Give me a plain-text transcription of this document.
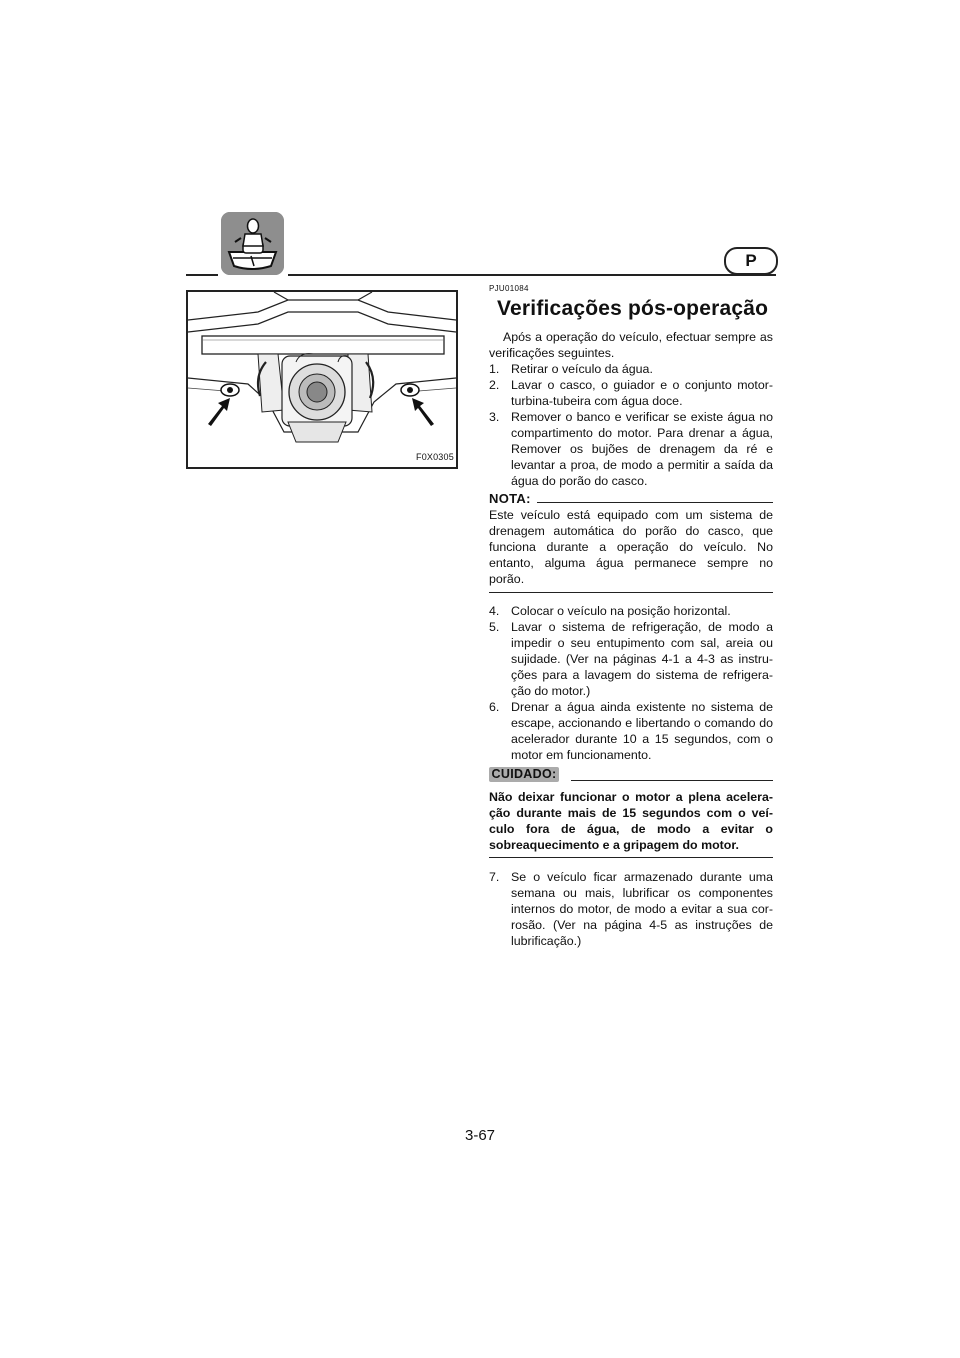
P
F0X0305
PJU01084
Verificações pós-operação
Após a operação do veículo, efectuar sempre as verificações seguintes.
1. Retirar o veículo da água.
2. Lavar o casco, o guiador e o conjunto motor-turbina-tubeira com água doce.
3. Remover o banco e verificar se existe água no compartimento do motor. Para drenar a água, Remover os bujões de drenagem da ré e levantar a proa, de modo a permitir a saída da água do porão do casco.
NOTA:
Este veículo está equipado com um sistema de drenagem automática do porão do casco, que funciona durante a operação do veículo. No entanto, alguma água permanece sempre no porão.
4. Colocar o veículo na posição horizontal.
5. Lavar o sistema de refrigeração, de modo a impedir o seu entupimento com sal, areia ou sujidade. (Ver na páginas 4-1 a 4-3 as instru-ções para a lavagem do sistema de refrigera-ção do motor.)
6. Drenar a água ainda existente no sistema de escape, accionando e libertando o comando do acelerador durante 10 a 15 segundos, com o motor em funcionamento.
CUIDADO:
Não deixar funcionar o motor a plena acelera-ção durante mais de 15 segundos com o veí-culo fora de água, de modo a evitar o sobreaquecimento e a gripagem do motor.
7. Se o veículo ficar armazenado durante uma semana ou mais, lubrificar os componentes internos do motor, de modo a evitar a sua cor-rosão. (Ver na página 4-5 as instruções de lubrificação.)
3-67
